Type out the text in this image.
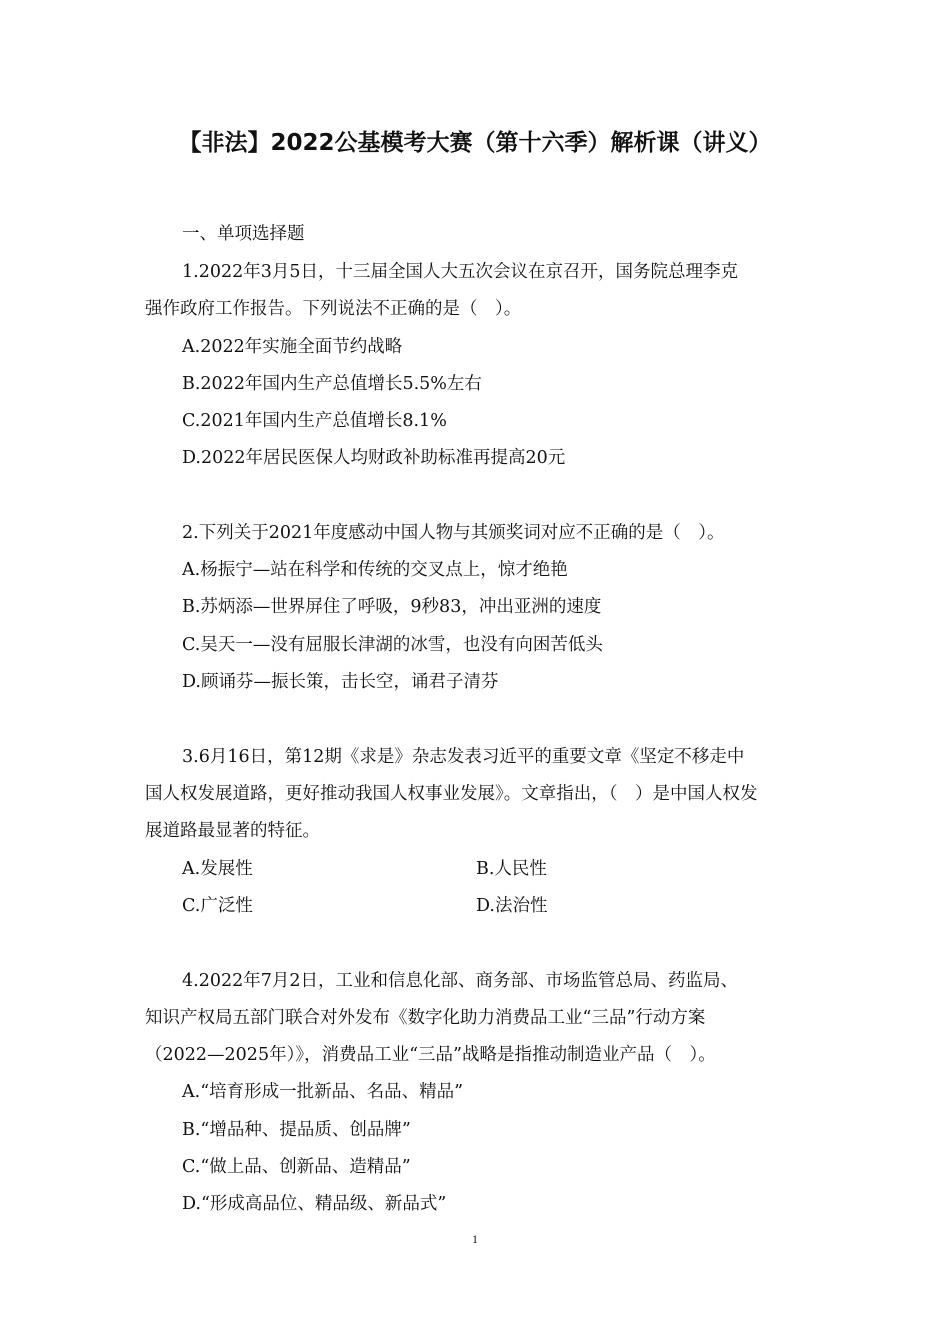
【非法】2022公基模考大赛（第十六季）解析课（讲义）
一、单项选择题
1.2022年3月5日，十三届全国人大五次会议在京召开，国务院总理李克
强作政府工作报告。下列说法不正确的是（　）。
A.2022年实施全面节约战略
B.2022年国内生产总值增长5.5%左右
C.2021年国内生产总值增长8.1%
D.2022年居民医保人均财政补助标准再提高20元
2.下列关于2021年度感动中国人物与其颁奖词对应不正确的是（　）。
A.杨振宁—站在科学和传统的交叉点上，惊才绝艳
B.苏炳添—世界屏住了呼吸，9秒83，冲出亚洲的速度
C.吴天一—没有屈服长津湖的冰雪，也没有向困苦低头
D.顾诵芬—振长策，击长空，诵君子清芬
3.6月16日，第12期《求是》杂志发表习近平的重要文章《坚定不移走中
国人权发展道路，更好推动我国人权事业发展》。文章指出，（　）是中国人权发
展道路最显著的特征。
A.发展性	B.人民性
C.广泛性	D.法治性
4.2022年7月2日，工业和信息化部、商务部、市场监管总局、药监局、
知识产权局五部门联合对外发布《数字化助力消费品工业“三品”行动方案
（2022—2025年）》，消费品工业“三品”战略是指推动制造业产品（　）。
A.“培育形成一批新品、名品、精品”
B.“增品种、提品质、创品牌”
C.“做上品、创新品、造精品”
D.“形成高品位、精品级、新品式”
1
